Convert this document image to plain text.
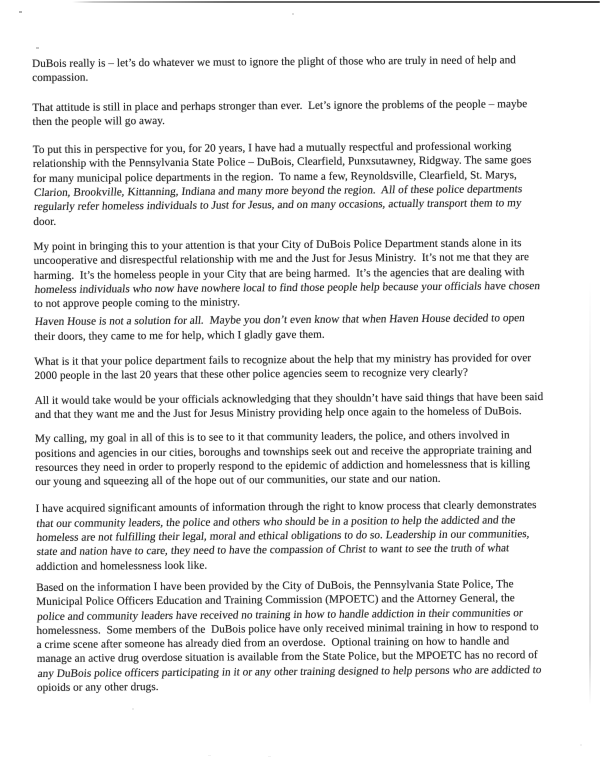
DuBois really is – let’s do whatever we must to ignore the plight of those who are truly in need of help and
compassion.
That attitude is still in place and perhaps stronger than ever.  Let’s ignore the problems of the people – maybe
then the people will go away.
To put this in perspective for you, for 20 years, I have had a mutually respectful and professional working
relationship with the Pennsylvania State Police – DuBois, Clearfield, Punxsutawney, Ridgway. The same goes
for many municipal police departments in the region.  To name a few, Reynoldsville, Clearfield, St. Marys,
Clarion, Brookville, Kittanning, Indiana and many more beyond the region.  All of these police departments
regularly refer homeless individuals to Just for Jesus, and on many occasions, actually transport them to my
door.
My point in bringing this to your attention is that your City of DuBois Police Department stands alone in its
uncooperative and disrespectful relationship with me and the Just for Jesus Ministry.  It’s not me that they are
harming.  It’s the homeless people in your City that are being harmed.  It’s the agencies that are dealing with
homeless individuals who now have nowhere local to find those people help because your officials have chosen
to not approve people coming to the ministry.
Haven House is not a solution for all.  Maybe you don’t even know that when Haven House decided to open
their doors, they came to me for help, which I gladly gave them.
What is it that your police department fails to recognize about the help that my ministry has provided for over
2000 people in the last 20 years that these other police agencies seem to recognize very clearly?
All it would take would be your officials acknowledging that they shouldn’t have said things that have been said
and that they want me and the Just for Jesus Ministry providing help once again to the homeless of DuBois.
My calling, my goal in all of this is to see to it that community leaders, the police, and others involved in
positions and agencies in our cities, boroughs and townships seek out and receive the appropriate training and
resources they need in order to properly respond to the epidemic of addiction and homelessness that is killing
our young and squeezing all of the hope out of our communities, our state and our nation.
I have acquired significant amounts of information through the right to know process that clearly demonstrates
that our community leaders, the police and others who should be in a position to help the addicted and the
homeless are not fulfilling their legal, moral and ethical obligations to do so. Leadership in our communities,
state and nation have to care, they need to have the compassion of Christ to want to see the truth of what
addiction and homelessness look like.
Based on the information I have been provided by the City of DuBois, the Pennsylvania State Police, The
Municipal Police Officers Education and Training Commission (MPOETC) and the Attorney General, the
police and community leaders have received no training in how to handle addiction in their communities or
homelessness.  Some members of the  DuBois police have only received minimal training in how to respond to
a crime scene after someone has already died from an overdose.  Optional training on how to handle and
manage an active drug overdose situation is available from the State Police, but the MPOETC has no record of
any DuBois police officers participating in it or any other training designed to help persons who are addicted to
opioids or any other drugs.
